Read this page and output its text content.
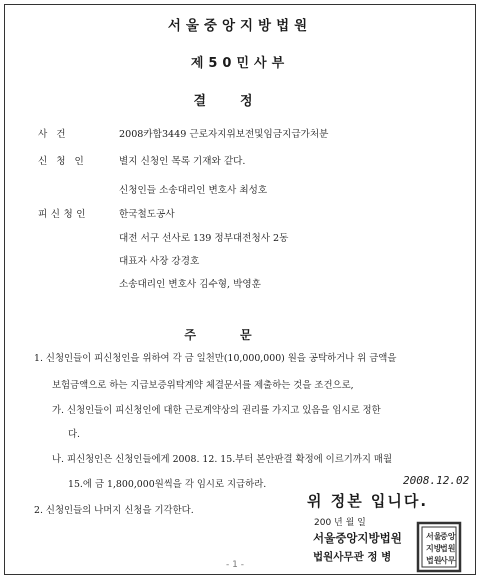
서울중앙지방법원
제50민사부
결정
사건	2008카합3449 근로자지위보전및임금지급가처분
신청인	별지 신청인 목록 기재와 같다.
신청인들 소송대리인 변호사 최성호
피신청인	한국철도공사
대전 서구 선사로 139 정부대전청사 2동
대표자 사장 강경호
소송대리인 변호사 김수형, 박영훈
주문
1. 신청인들이 피신청인을 위하여 각 금 일천만(10,000,000) 원을 공탁하거나 위 금액을
보험금액으로 하는 지급보증위탁계약 체결문서를 제출하는 것을 조건으로,
가. 신청인들이 피신청인에 대한 근로계약상의 권리를 가지고 있음을 임시로 정한
다.
나. 피신청인은 신청인들에게 2008. 12. 15.부터 본안판결 확정에 이르기까지 매월
15.에 금 1,800,000원씩을 각 임시로 지급하라.
2. 신청인들의 나머지 신청을 기각한다.
2008.12.02
위 정본 입니다.
200 년 월 일
서울중앙지방법원
법원사무관 정 병
서울
중앙
지방
법원
법원
사무
- 1 -
